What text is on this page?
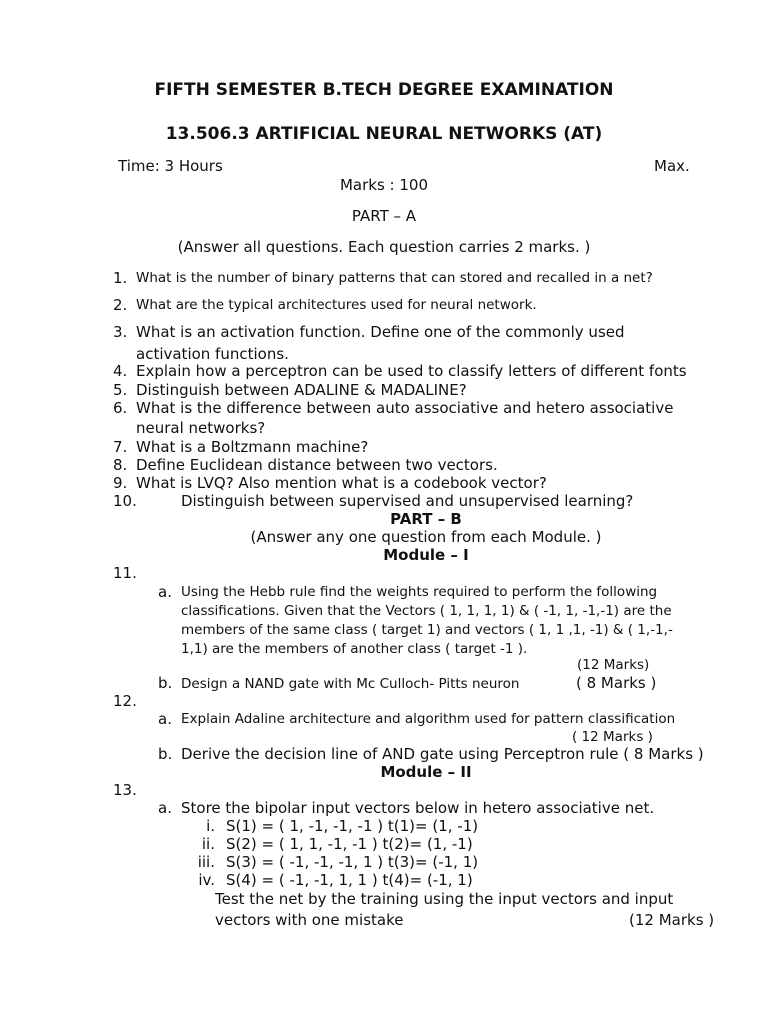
FIFTH SEMESTER B.TECH DEGREE EXAMINATION
13.506.3 ARTIFICIAL NEURAL NETWORKS (AT)
Time: 3 Hours	Max.
Marks : 100
PART – A
(Answer all questions. Each question carries 2 marks. )
1. What is the number of binary patterns that can stored and recalled in a net?
2. What are the typical architectures used for neural network.
3. What is an activation function. Define one of the commonly used
activation functions.
4. Explain how a perceptron can be used to classify letters of different fonts
5. Distinguish between ADALINE & MADALINE?
6. What is the difference between auto associative and hetero associative
neural networks?
7. What is a Boltzmann machine?
8. Define Euclidean distance between two vectors.
9. What is LVQ? Also mention what is a codebook vector?
10.	Distinguish between supervised and unsupervised learning?
PART – B
(Answer any one question from each Module. )
Module – I
11.
a. Using the Hebb rule find the weights required to perform the following
classifications. Given that the Vectors ( 1, 1, 1, 1) & ( -1, 1, -1,-1) are the
members of the same class ( target 1) and vectors ( 1, 1 ,1, -1) & ( 1,-1,-
1,1) are the members of another class ( target -1 ).
(12 Marks)
b. Design a NAND gate with Mc Culloch- Pitts neuron	( 8 Marks )
12.
a. Explain Adaline architecture and algorithm used for pattern classification
( 12 Marks )
b. Derive the decision line of AND gate using Perceptron rule ( 8 Marks )
Module – II
13.
a. Store the bipolar input vectors below in hetero associative net.
i. S(1) = ( 1, -1, -1, -1 ) t(1)= (1, -1)
ii. S(2) = ( 1, 1, -1, -1 ) t(2)= (1, -1)
iii. S(3) = ( -1, -1, -1, 1 ) t(3)= (-1, 1)
iv. S(4) = ( -1, -1, 1, 1 ) t(4)= (-1, 1)
Test the net by the training using the input vectors and input
vectors with one mistake	(12 Marks )
